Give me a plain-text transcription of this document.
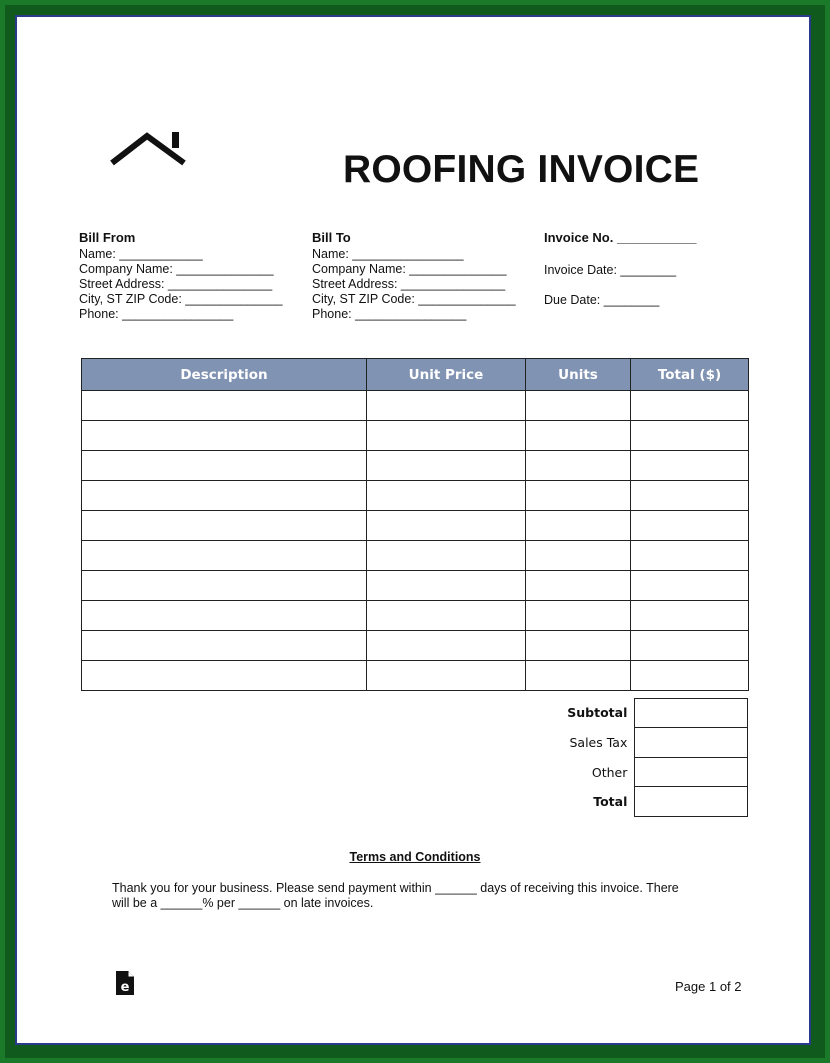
ROOFING INVOICE
Bill From
Name: ____________
Company Name: ______________
Street Address: _______________
City, ST ZIP Code: ______________
Phone: ________________
Bill To
Name: ________________
Company Name: ______________
Street Address: _______________
City, ST ZIP Code: ______________
Phone: ________________
Invoice No. ___________
Invoice Date: ________
Due Date: ________
Description	Unit Price	Units	Total ($)

Subtotal
Sales Tax
Other
Total
Terms and Conditions
Thank you for your business. Please send payment within ______ days of receiving this invoice. There
will be a ______% per ______ on late invoices.
e	Page 1 of 2
